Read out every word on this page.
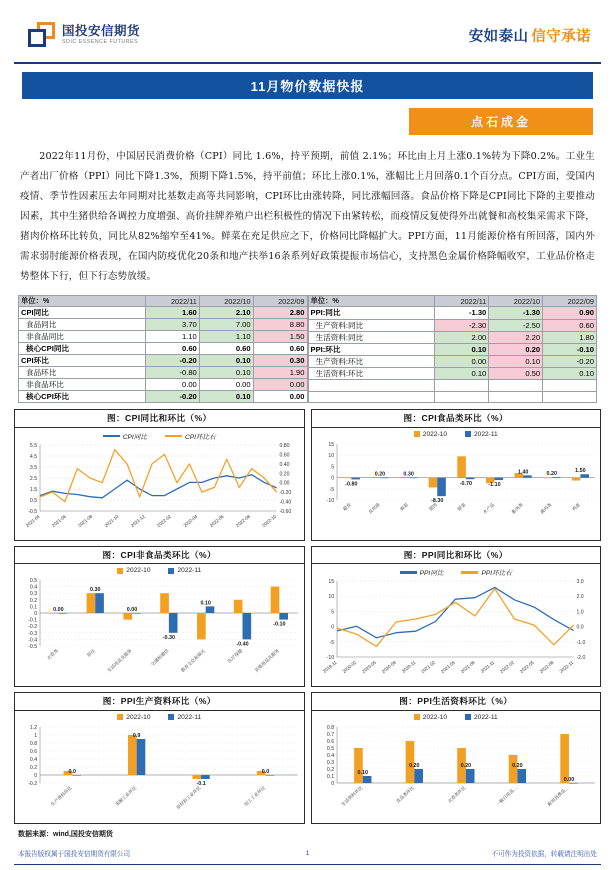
国投安信期货
SDIC ESSENCE FUTURES	安如泰山 信守承诺
11月物价数据快报
点石成金
2022年11月份，中国居民消费价格（CPI）同比 1.6%，持平预期，前值 2.1%；环比由上月上涨0.1%转为下降0.2%。工业生产者出厂价格（PPI）同比下降1.3%，预期下降1.5%，持平前值；环比上涨0.1%，涨幅比上月回落0.1个百分点。CPI方面，受国内疫情、季节性因素压去年同期对比基数走高等共同影响，CPI环比由涨转降，同比涨幅回落。食品价格下降是CPI同比下降的主要推动因素，其中生猪供给各调控力度增强、高价挂牌养殖户出栏积极性的情况下由紧转松，而疫情反复使得外出就餐和高校集采需求下降，猪肉价格环比转负，同比从82%缩窄至41%。鲜菜在充足供应之下，价格同比降幅扩大。PPI方面，11月能源价格有所回落，国内外需求弱肘能源价格表现，在国内防疫优化20条和地产扶举16条系列好政策提振市场信心，支持黑色金属价格降幅收窄，工业品价格走势整体下行，但下行态势放缓。
单位：%	2022/11	2022/10	2022/09
CPI同比	1.60	2.10	2.80
食品同比	3.70	7.00	8.80
非食品同比	1.10	1.10	1.50
核心CPI同比	0.60	0.60	0.60
CPI环比	-0.20	0.10	0.30
食品环比	-0.80	0.10	1.90
非食品环比	0.00	0.00	0.00
核心CPI环比	-0.20	0.10	0.00
单位：%	2022/11	2022/10	2022/09
PPI:同比	-1.30	-1.30	0.90
生产资料:同比	-2.30	-2.50	0.60
生活资料:同比	2.00	2.20	1.80
PPI:环比	0.10	0.20	-0.10
生产资料:环比	0.00	0.10	-0.20
生活资料:环比	0.10	0.50	0.10

图：CPI同比和环比（%）
CPI同比	CPI环比右
5.5
4.5
3.5
2.5
1.5
0.5
-0.5
0.80
0.60
0.40
0.20
0.00
-0.20
-0.40
-0.60
2021-04 2021-06 2021-08 2021-10 2021-12 2022-02 2022-04 2022-06 2022-08 2022-10
图：CPI食品类环比（%）
2022-10	2022-11
15
10
5
0
-5
-10
-0.80
粮食
0.20
食用油
0.30
鲜菜
-8.30
猪肉
-0.70
鲜果
-1.10
水产品
1.40
畜肉类
0.20
禽肉类
1.50
鸡蛋
图：CPI非食品类环比（%）
2022-10	2022-11
0.5
0.4
0.3
0.2
0.1
0
-0.1
-0.2
-0.3
-0.4
-0.5
0.00
衣着类
0.30
居住
0.00
生活用品及服务
-0.30
交通和通信
0.10
教育文化和娱乐
-0.40
医疗保健
-0.10
其他用品及服务
图：PPI同比和环比（%）
PPI同比	PPI环比右
15
10
5
0
-5
-10
3.0
2.0
1.0
0.0
-1.0
-2.0
2019-11 2020-02 2020-05 2020-08 2020-11 2021-02 2021-05 2021-08 2021-11 2022-02 2022-05 2022-08 2022-11
图：PPI生产资料环比（%）
2022-10	2022-11
1.2
1
0.8
0.6
0.4
0.2
0
-0.2
0.0
生产资料环比
0.9
采掘工业环比
-0.1
原材料工业环比
0.0
加工工业环比
图：PPI生活资料环比（%）
2022-10	2022-11
0.8
0.7
0.6
0.5
0.4
0.3
0.2
0.1
0
0.10
生活资料环比
0.20
食品类环比
0.20
衣着类环比
0.20
一般日用品…
0.00
耐用消费品…
数据来源：wind,国投安信期货
本报告版权属于国投安信期货有限公司	1	不可作为投资依据，转载请注明出处
